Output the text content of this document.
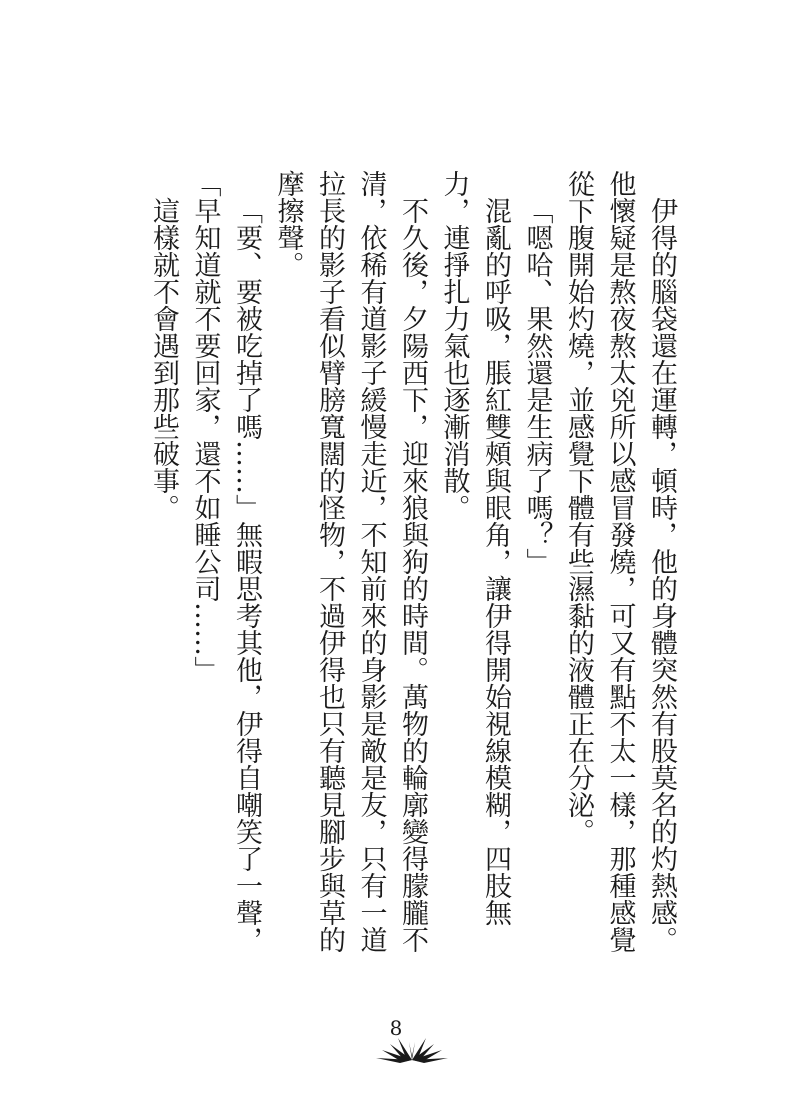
伊得的腦袋還在運轉，頓時，他的身體突然有股莫名的灼熱感。他懷疑是熬夜熬太兇所以感冒發燒，可又有點不太一樣，那種感覺從下腹開始灼燒，並感覺下體有些濕黏的液體正在分泌。

「嗯哈、果然還是生病了嗎？」

混亂的呼吸，脹紅雙頰與眼角，讓伊得開始視線模糊，四肢無力，連掙扎力氣也逐漸消散。

不久後，夕陽西下，迎來狼與狗的時間。萬物的輪廓變得朦朧不清，依稀有道影子緩慢走近，不知前來的身影是敵是友，只有一道拉長的影子看似臂膀寬闊的怪物，不過伊得也只有聽見腳步與草的摩擦聲。

「要、要被吃掉了嗎……」無暇思考其他，伊得自嘲笑了一聲，「早知道就不要回家，還不如睡公司……」

這樣就不會遇到那些破事。

8
